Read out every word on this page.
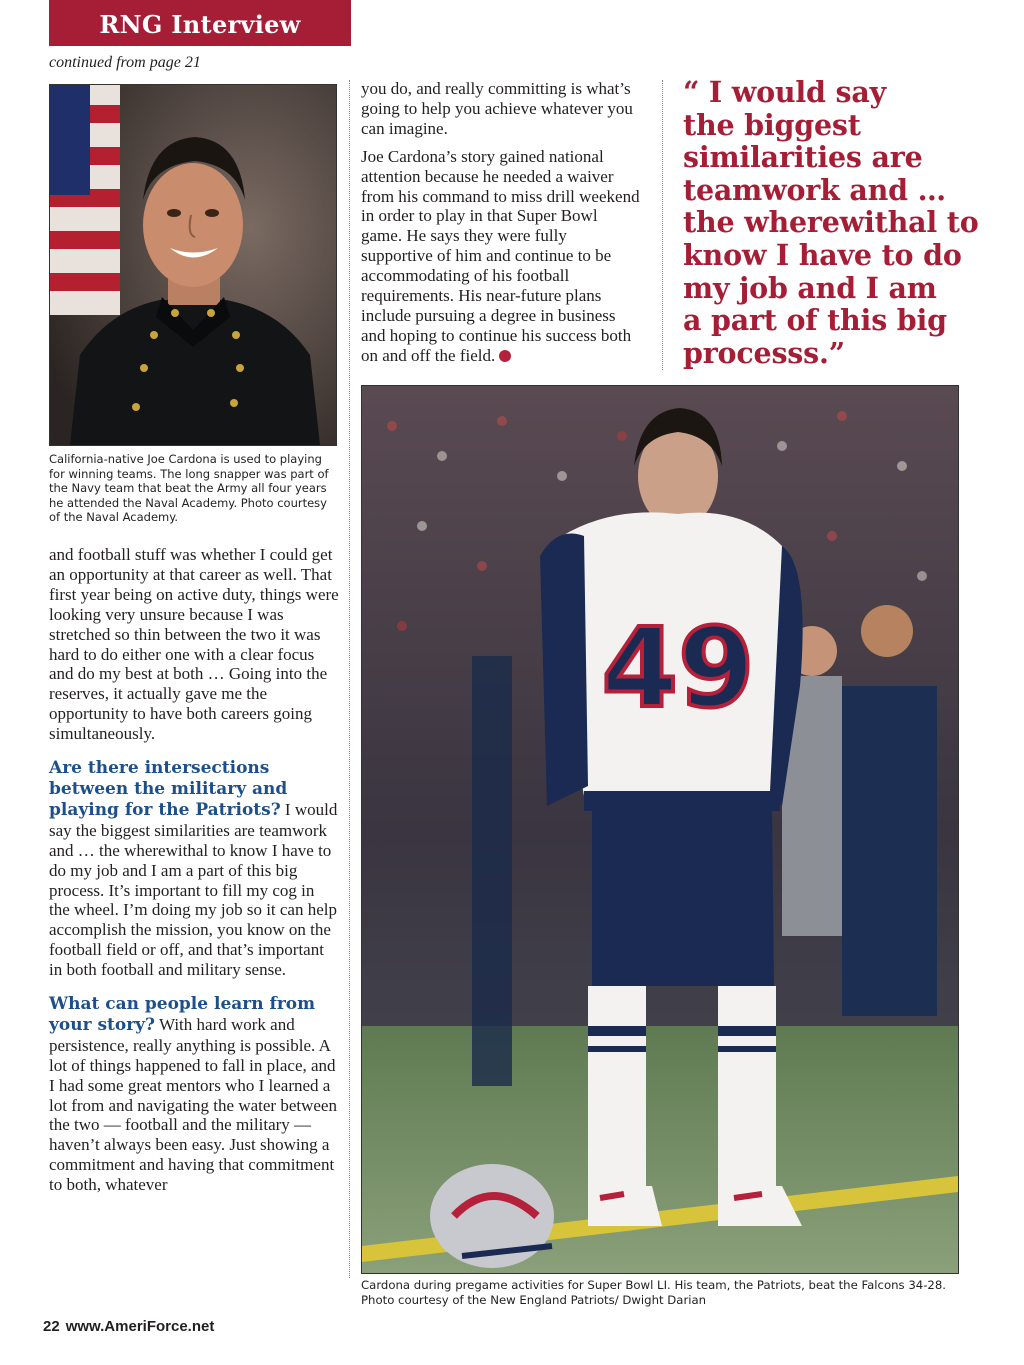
RNG Interview
continued from page 21
California-native Joe Cardona is used to playing for winning teams. The long snapper was part of the Navy team that beat the Army all four years he attended the Naval Academy. Photo courtesy of the Naval Academy.

and football stuff was whether I could get an opportunity at that career as well. That first year being on active duty, things were looking very unsure because I was stretched so thin between the two it was hard to do either one with a clear focus and do my best at both … Going into the reserves, it actually gave me the opportunity to have both careers going simultaneously.

Are there intersections between the military and playing for the Patriots? I would say the biggest similarities are teamwork and … the wherewithal to know I have to do my job and I am a part of this big process. It’s important to fill my cog in the wheel. I’m doing my job so it can help accomplish the mission, you know on the football field or off, and that’s important in both football and military sense.

What can people learn from your story? With hard work and persistence, really anything is possible. A lot of things happened to fall in place, and I had some great mentors who I learned a lot from and navigating the water between the two — football and the military — haven’t always been easy. Just showing a commitment and having that commitment to both, whatever

you do, and really committing is what’s going to help you achieve whatever you can imagine.

Joe Cardona’s story gained national attention because he needed a waiver from his command to miss drill weekend in order to play in that Super Bowl game. He says they were fully supportive of him and continue to be accommodating of his football requirements. His near-future plans include pursuing a degree in business and hoping to continue his success both on and off the field.

“ I would say
the biggest
similarities are
teamwork and …
the wherewithal to
know I have to do
my job and I am
a part of this big
processs.”
49
Cardona during pregame activities for Super Bowl LI. His team, the Patriots, beat the Falcons 34-28. Photo courtesy of the New England Patriots/ Dwight Darian
22 www.AmeriForce.net
